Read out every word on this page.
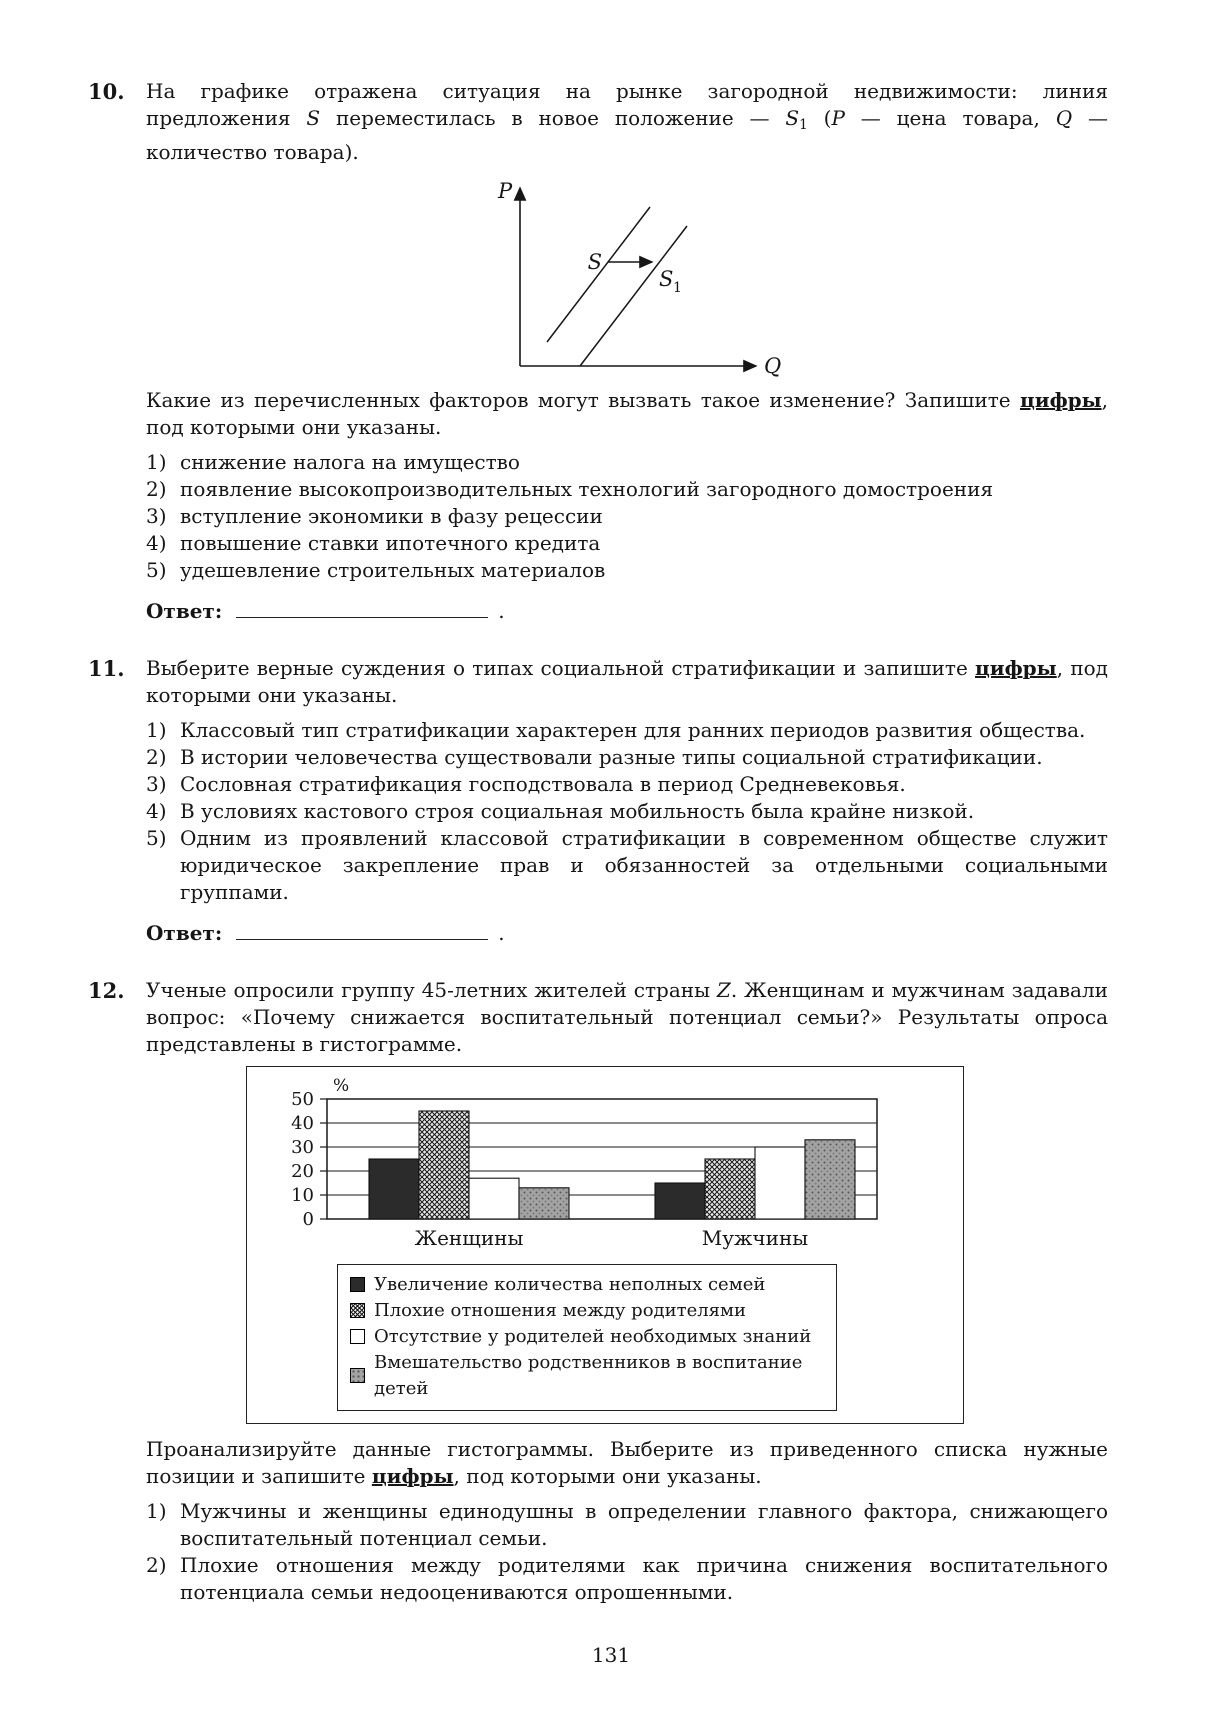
10.	На графике отражена ситуация на рынке загородной недвижимости: линия предложения S переместилась в новое положение — S1 (P — цена товара, Q — количество товара).

P
Q
S
S 1

Какие из перечисленных факторов могут вызвать такое изменение? Запишите цифры, под которыми они указаны.

1) снижение налога на имущество
2) появление высокопроизводительных технологий загородного домостроения
3) вступление экономики в фазу рецессии
4) повышение ставки ипотечного кредита
5) удешевление строительных материалов
Ответ:	.
11.	Выберите верные суждения о типах социальной стратификации и запишите цифры, под которыми они указаны.

1) Классовый тип стратификации характерен для ранних периодов развития общества.
2) В истории человечества существовали разные типы социальной стратификации.
3) Сословная стратификация господствовала в период Средневековья.
4) В условиях кастового строя социальная мобильность была крайне низкой.
5) Одним из проявлений классовой стратификации в современном обществе служит юридическое закрепление прав и обязанностей за отдельными социальными группами.
Ответ:	.
12.	Ученые опросили группу 45-летних жителей страны Z. Женщинам и мужчинам задавали вопрос: «Почему снижается воспитательный потенциал семьи?» Результаты опроса представлены в гистограмме.

0
10
20
30
40
50
%
Женщины	Мужчины
Увеличение количества неполных семей
Плохие отношения между родителями
Отсутствие у родителей необходимых знаний
Вмешательство родственников в воспитание детей

Проанализируйте данные гистограммы. Выберите из приведенного списка нужные позиции и запишите цифры, под которыми они указаны.

1) Мужчины и женщины единодушны в определении главного фактора, снижающего воспитательный потенциал семьи.
2) Плохие отношения между родителями как причина снижения воспитательного потенциала семьи недооцениваются опрошенными.
131
